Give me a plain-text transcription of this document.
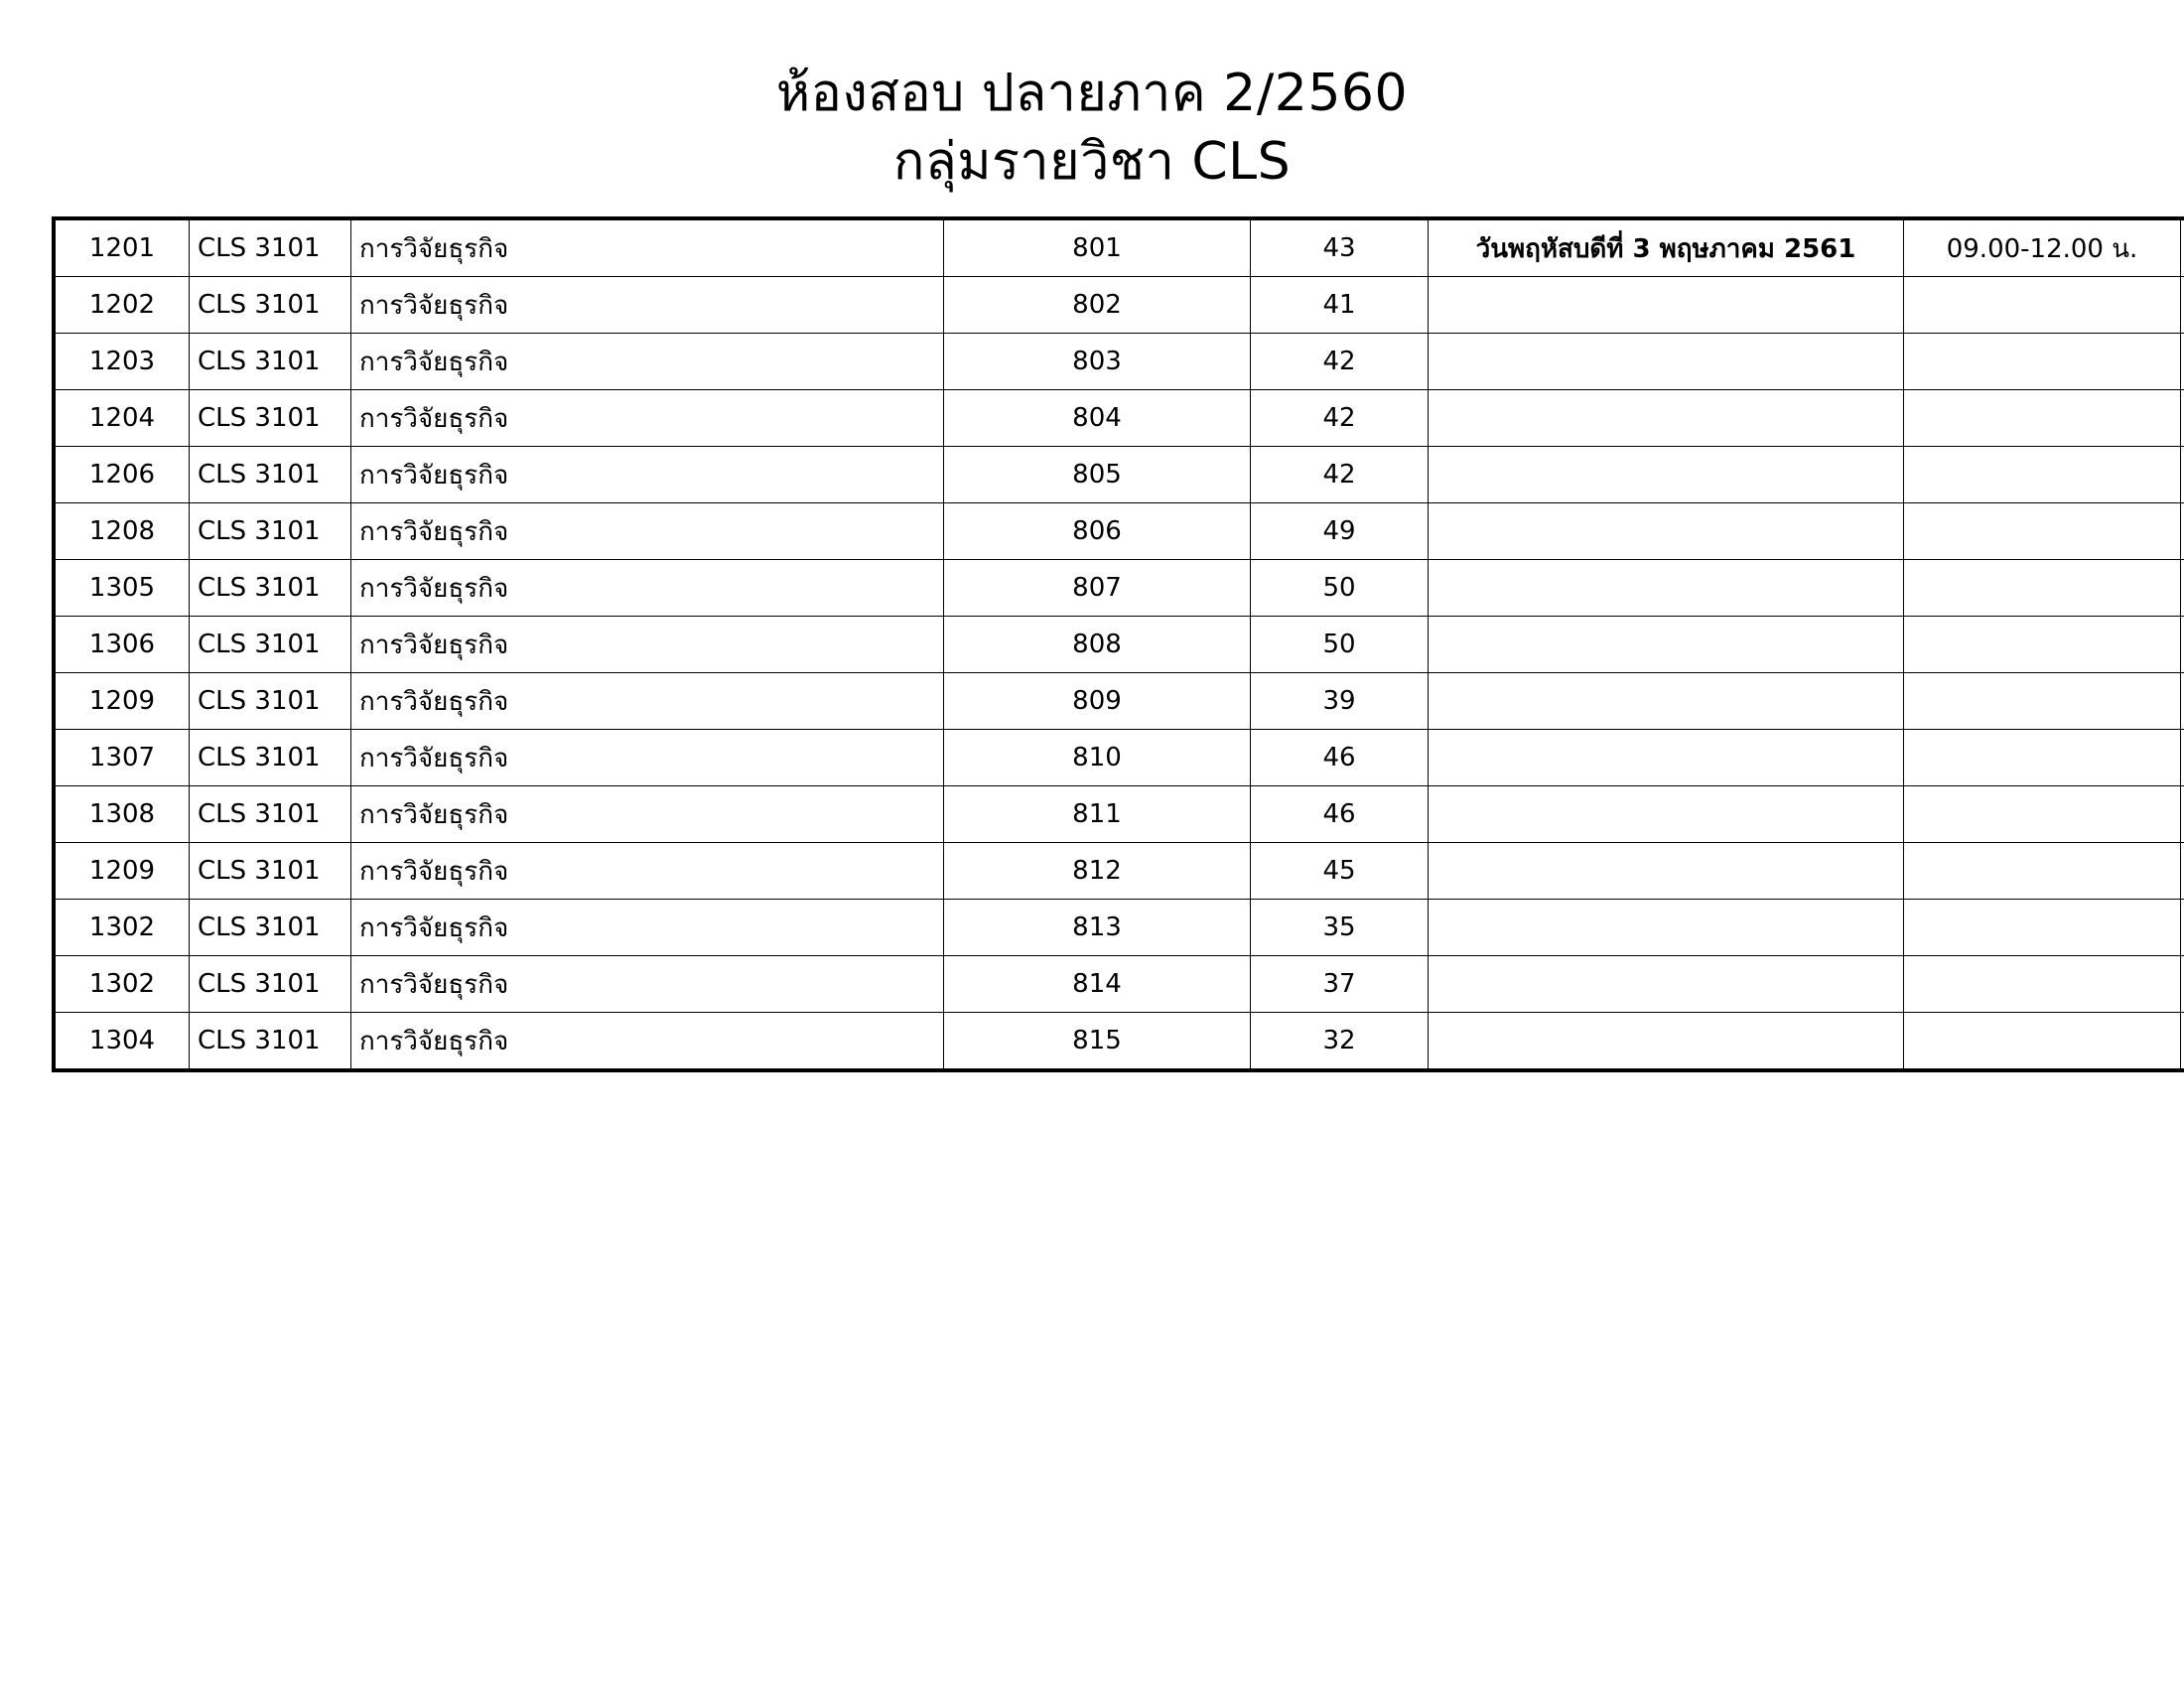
ห้องสอบ ปลายภาค 2/2560
กลุ่มรายวิชา CLS
1201	CLS 3101	การวิจัยธุรกิจ	801	43	วันพฤหัสบดีที่ 3 พฤษภาคม 2561	09.00-12.00 น.	
1202	CLS 3101	การวิจัยธุรกิจ	802	41			
1203	CLS 3101	การวิจัยธุรกิจ	803	42			
1204	CLS 3101	การวิจัยธุรกิจ	804	42			
1206	CLS 3101	การวิจัยธุรกิจ	805	42			
1208	CLS 3101	การวิจัยธุรกิจ	806	49			
1305	CLS 3101	การวิจัยธุรกิจ	807	50			
1306	CLS 3101	การวิจัยธุรกิจ	808	50			
1209	CLS 3101	การวิจัยธุรกิจ	809	39			
1307	CLS 3101	การวิจัยธุรกิจ	810	46			
1308	CLS 3101	การวิจัยธุรกิจ	811	46			
1209	CLS 3101	การวิจัยธุรกิจ	812	45			
1302	CLS 3101	การวิจัยธุรกิจ	813	35			
1302	CLS 3101	การวิจัยธุรกิจ	814	37			
1304	CLS 3101	การวิจัยธุรกิจ	815	32			
